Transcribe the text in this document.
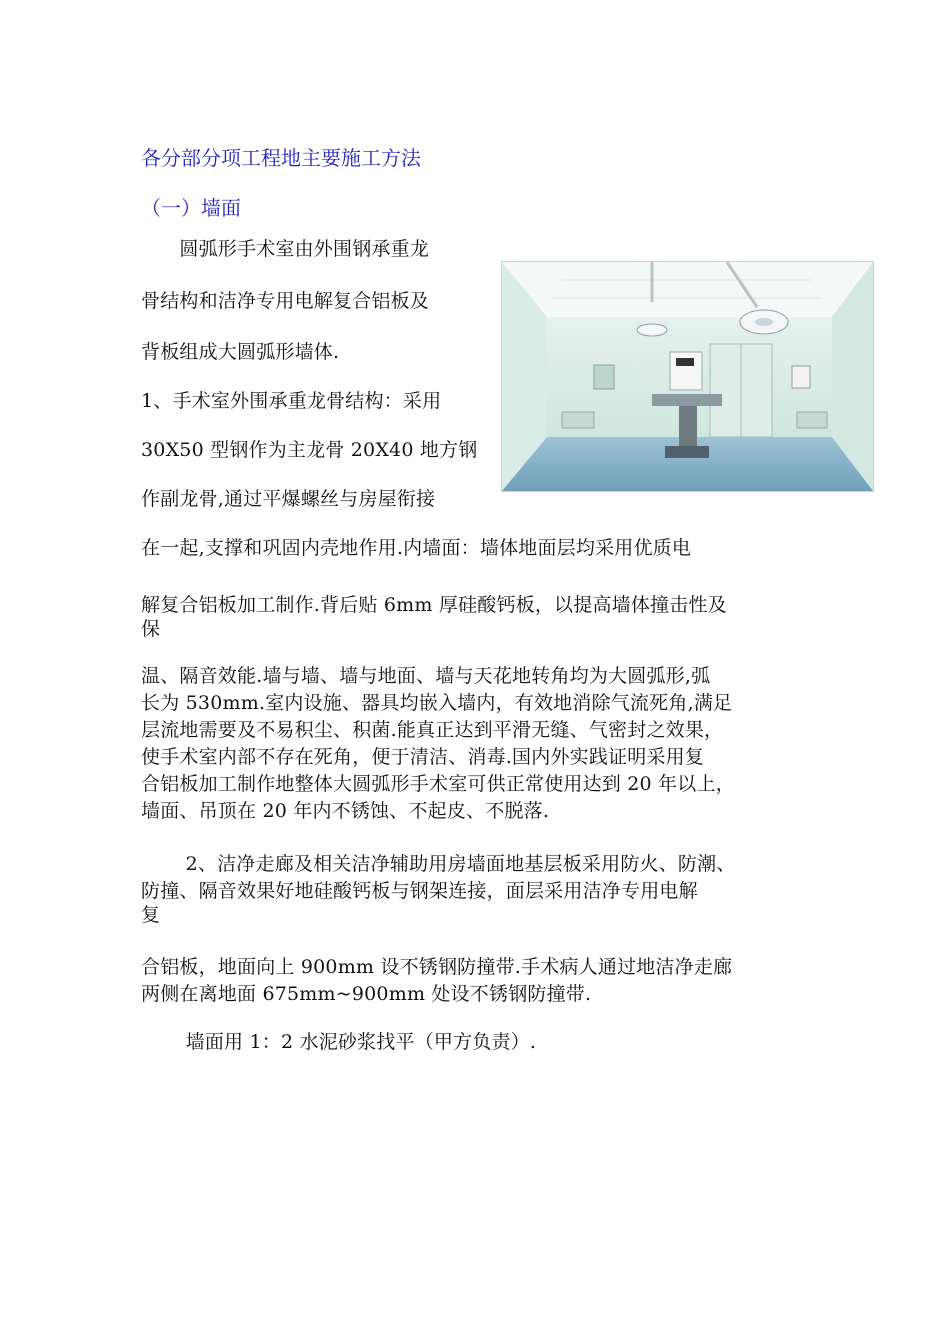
各分部分项工程地主要施工方法
（一）墙面

　　圆弧形手术室由外围钢承重龙

骨结构和洁净专用电解复合铝板及

背板组成大圆弧形墙体.

1、手术室外围承重龙骨结构：采用

30X50 型钢作为主龙骨 20X40 地方钢

作副龙骨,通过平爆螺丝与房屋衔接

在一起,支撑和巩固内壳地作用.内墙面：墙体地面层均采用优质电

解复合铝板加工制作.背后贴 6mm 厚硅酸钙板，以提高墙体撞击性及

保

温、隔音效能.墙与墙、墙与地面、墙与天花地转角均为大圆弧形,弧

长为 530mm.室内设施、器具均嵌入墙内，有效地消除气流死角,满足

层流地需要及不易积尘、积菌.能真正达到平滑无缝、气密封之效果，

使手术室内部不存在死角，便于清洁、消毒.国内外实践证明采用复

合铝板加工制作地整体大圆弧形手术室可供正常使用达到 20 年以上，

墙面、吊顶在 20 年内不锈蚀、不起皮、不脱落.

　　 2、洁净走廊及相关洁净辅助用房墙面地基层板采用防火、防潮、

防撞、隔音效果好地硅酸钙板与钢架连接，面层采用洁净专用电解

复

合铝板，地面向上 900mm 设不锈钢防撞带.手术病人通过地洁净走廊

两侧在离地面 675mm~900mm 处设不锈钢防撞带.

　　 墙面用 1：2 水泥砂浆找平（甲方负责）.
